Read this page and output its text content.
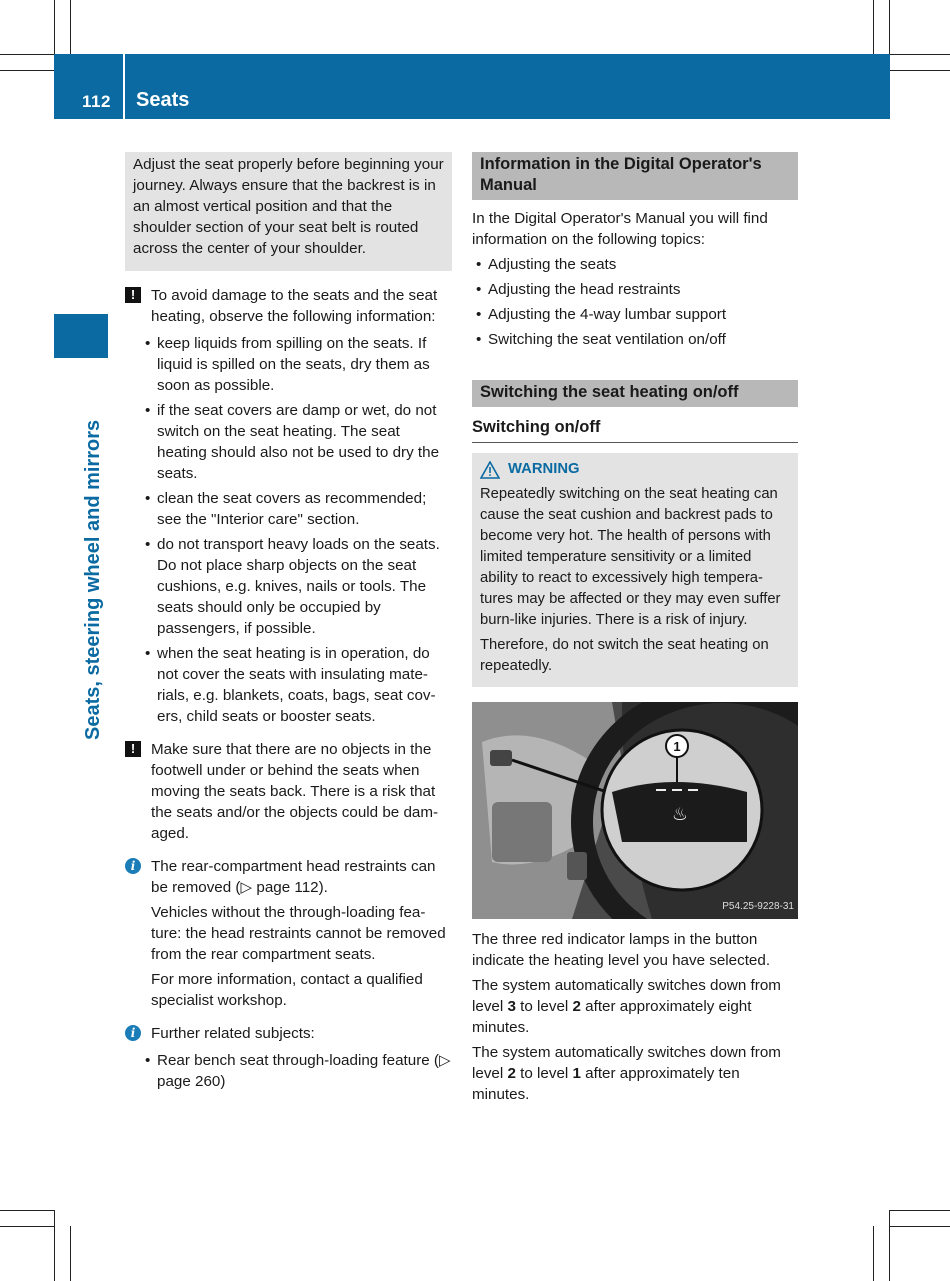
112 Seats
Seats, steering wheel and mirrors

Adjust the seat properly before beginning your journey. Always ensure that the backrest is in an almost vertical position and that the shoulder section of your seat belt is routed across the center of your shoulder.

!	To avoid damage to the seats and the seat heating, observe the following information:

• keep liquids from spilling on the seats. If liquid is spilled on the seats, dry them as soon as possible.
• if the seat covers are damp or wet, do not switch on the seat heating. The seat heating should also not be used to dry the seats.
• clean the seat covers as recommended; see the "Interior care" section.
• do not transport heavy loads on the seats. Do not place sharp objects on the seat cushions, e.g. knives, nails or tools. The seats should only be occupied by passengers, if possible.
• when the seat heating is in operation, do not cover the seats with insulating mate-rials, e.g. blankets, coats, bags, seat cov-ers, child seats or booster seats.
!	Make sure that there are no objects in the footwell under or behind the seats when moving the seats back. There is a risk that the seats and/or the objects could be dam-aged.

i	The rear-compartment head restraints can be removed (▷ page 112).

Vehicles without the through-loading fea-ture: the head restraints cannot be removed from the rear compartment seats.

For more information, contact a qualified specialist workshop.

i	Further related subjects:

• Rear bench seat through-loading feature (▷ page 260)
Information in the Digital Operator's Manual

In the Digital Operator's Manual you will find information on the following topics:

• Adjusting the seats
• Adjusting the head restraints
• Adjusting the 4-way lumbar support
• Switching the seat ventilation on/off
Switching the seat heating on/off
Switching on/off
WARNING

Repeatedly switching on the seat heating can cause the seat cushion and backrest pads to become very hot. The health of persons with limited temperature sensitivity or a limited ability to react to excessively high tempera-tures may be affected or they may even suffer burn-like injuries. There is a risk of injury.

Therefore, do not switch the seat heating on repeatedly.

1
♨
P54.25-9228-31

The three red indicator lamps in the button indicate the heating level you have selected.

The system automatically switches down from level 3 to level 2 after approximately eight minutes.

The system automatically switches down from level 2 to level 1 after approximately ten minutes.
